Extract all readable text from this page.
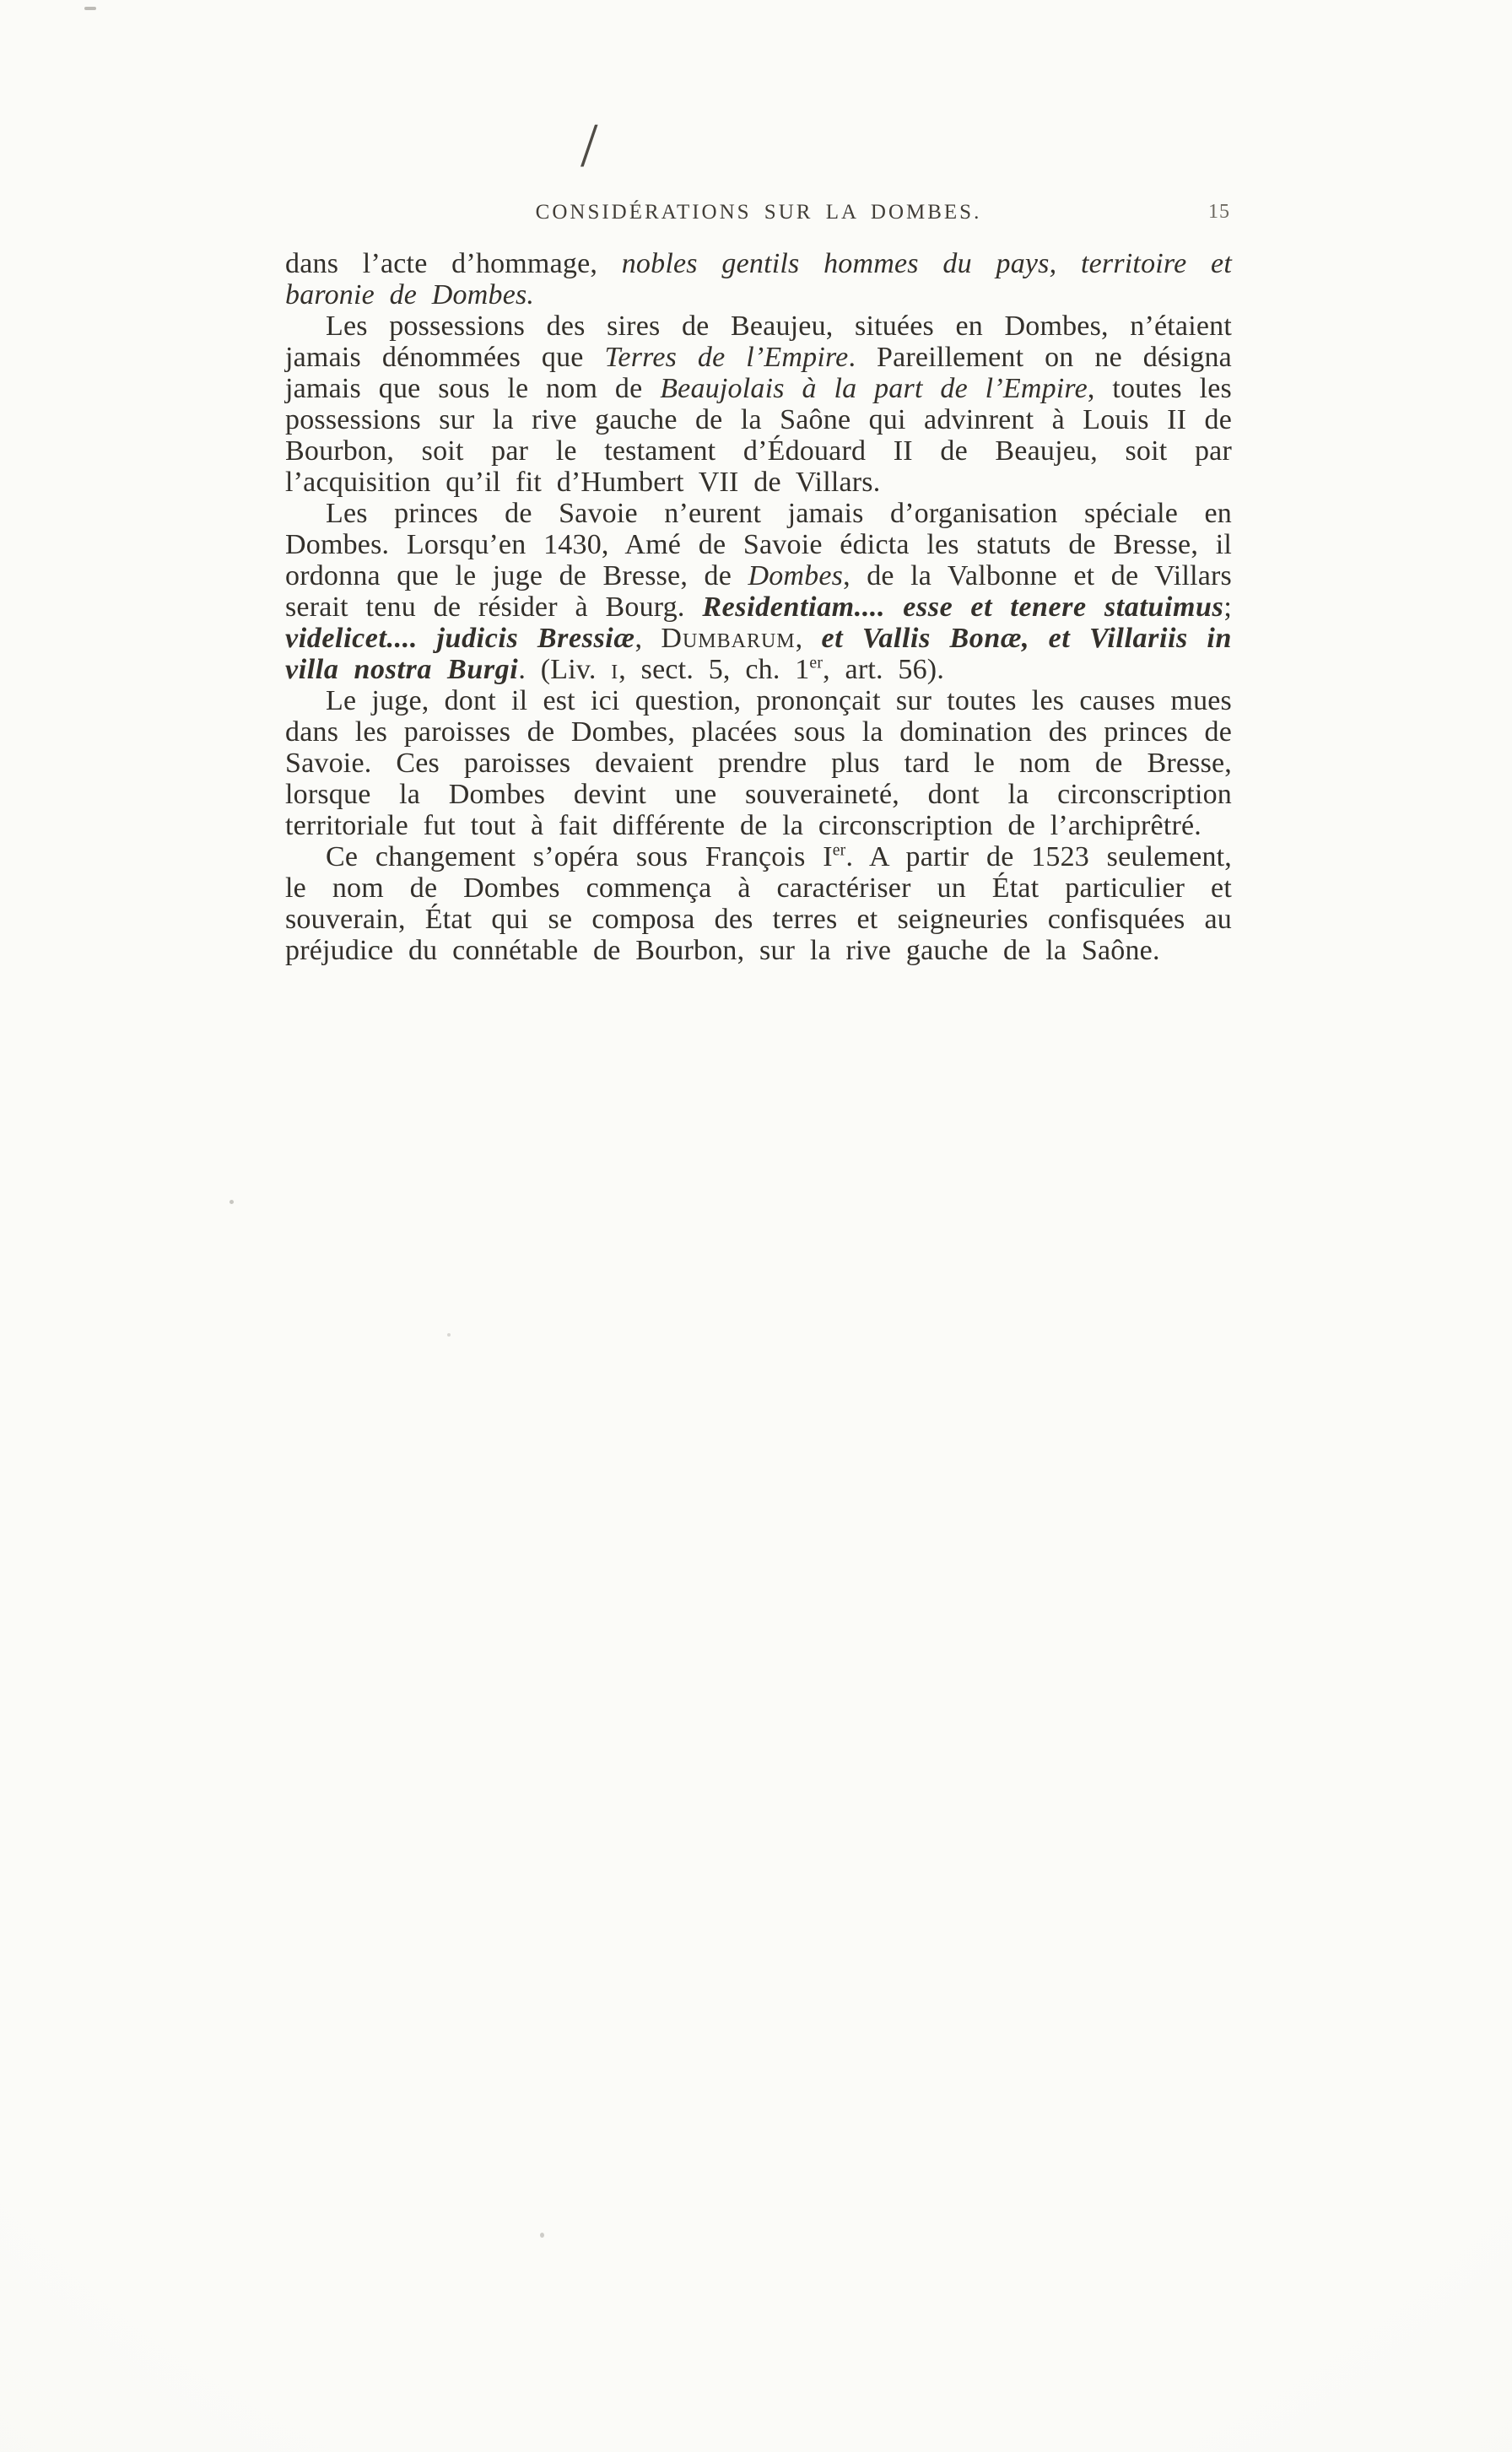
/
CONSIDÉRATIONS SUR LA DOMBES.	15

dans l’acte d’hommage, nobles gentils hommes du pays, territoire et baronie de Dombes.

Les possessions des sires de Beaujeu, situées en Dombes, n’étaient jamais dénommées que Terres de l’Empire. Pareillement on ne désigna jamais que sous le nom de Beaujolais à la part de l’Empire, toutes les possessions sur la rive gauche de la Saône qui advinrent à Louis II de Bourbon, soit par le testament d’Édouard II de Beaujeu, soit par l’acquisition qu’il fit d’Humbert VII de Villars.

Les princes de Savoie n’eurent jamais d’organisation spéciale en Dombes. Lorsqu’en 1430, Amé de Savoie édicta les statuts de Bresse, il ordonna que le juge de Bresse, de Dombes, de la Valbonne et de Villars serait tenu de résider à Bourg. Residentiam.... esse et tenere statuimus; videlicet.... judicis Bressiæ, Dumbarum, et Vallis Bonæ, et Villariis in villa nostra Burgi. (Liv. i, sect. 5, ch. 1er, art. 56).

Le juge, dont il est ici question, prononçait sur toutes les causes mues dans les paroisses de Dombes, placées sous la domination des princes de Savoie. Ces paroisses devaient prendre plus tard le nom de Bresse, lorsque la Dombes devint une souveraineté, dont la circonscription territoriale fut tout à fait différente de la circonscription de l’archiprêtré.

Ce changement s’opéra sous François Ier. A partir de 1523 seulement, le nom de Dombes commença à caractériser un État particulier et souverain, État qui se composa des terres et seigneuries confisquées au préjudice du connétable de Bourbon, sur la rive gauche de la Saône.
